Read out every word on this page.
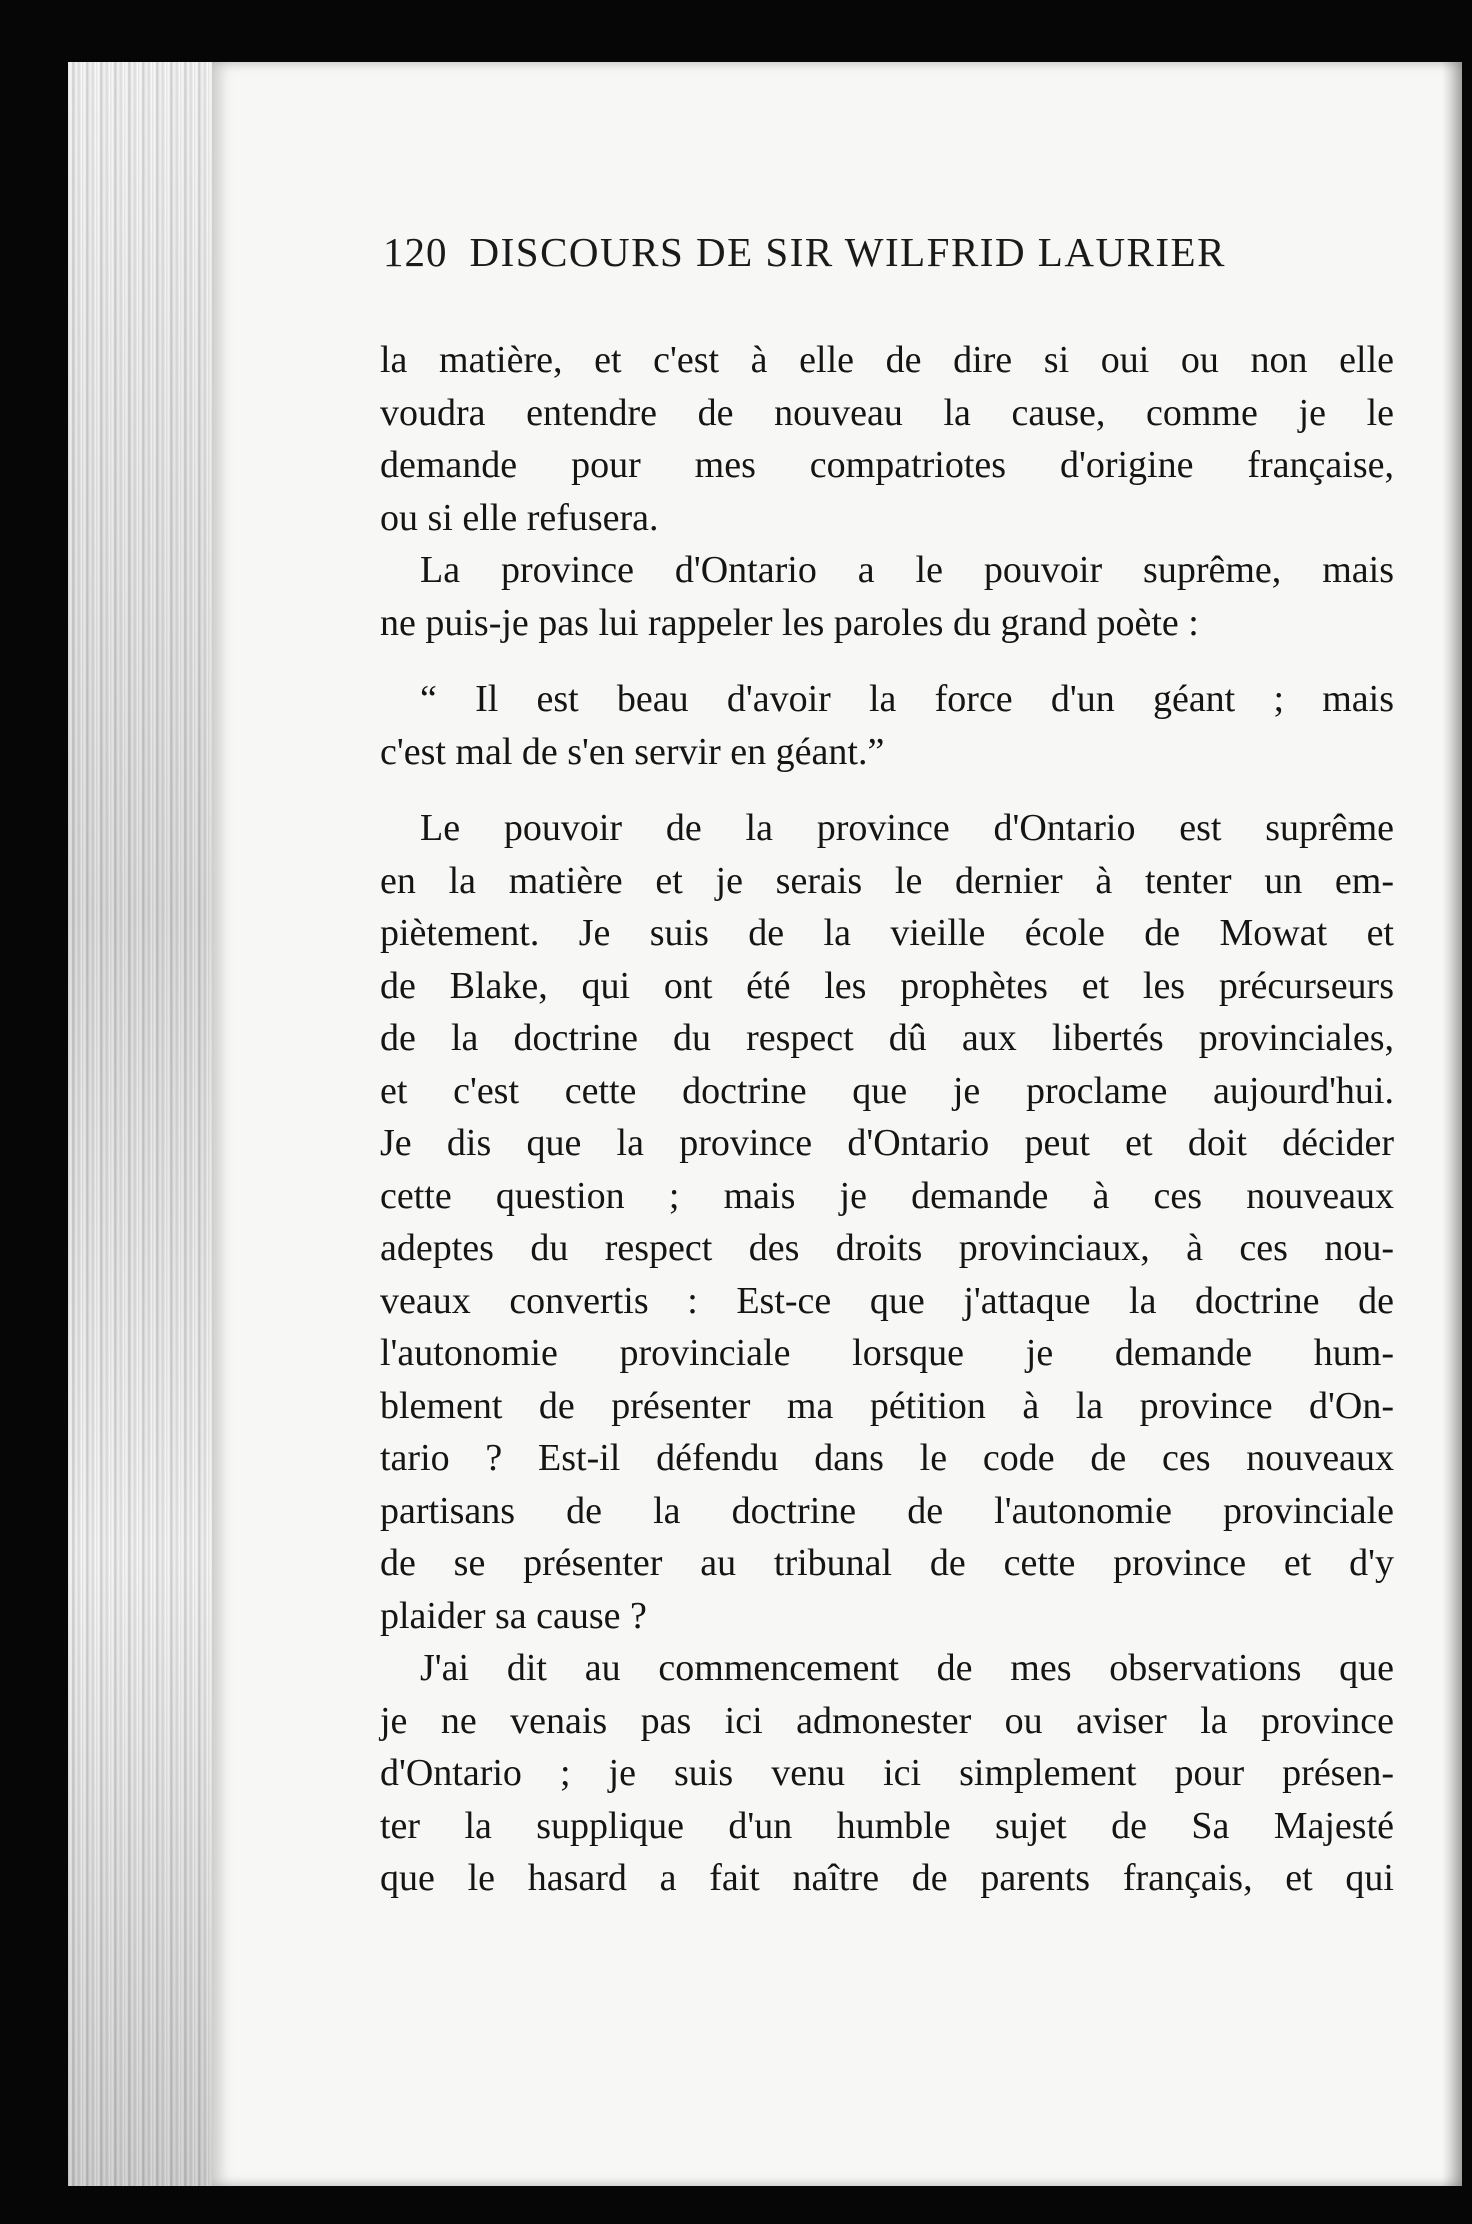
120 DISCOURS DE SIR WILFRID LAURIER
la matière, et c'est à elle de dire si oui ou non elle
voudra entendre de nouveau la cause, comme je le
demande pour mes compatriotes d'origine française,
ou si elle refusera.
La province d'Ontario a le pouvoir suprême, mais
ne puis-je pas lui rappeler les paroles du grand poète :
“ Il est beau d'avoir la force d'un géant ; mais
c'est mal de s'en servir en géant.”
Le pouvoir de la province d'Ontario est suprême
en la matière et je serais le dernier à tenter un em-
piètement. Je suis de la vieille école de Mowat et
de Blake, qui ont été les prophètes et les précurseurs
de la doctrine du respect dû aux libertés provinciales,
et c'est cette doctrine que je proclame aujourd'hui.
Je dis que la province d'Ontario peut et doit décider
cette question ; mais je demande à ces nouveaux
adeptes du respect des droits provinciaux, à ces nou-
veaux convertis : Est-ce que j'attaque la doctrine de
l'autonomie provinciale lorsque je demande hum-
blement de présenter ma pétition à la province d'On-
tario ? Est-il défendu dans le code de ces nouveaux
partisans de la doctrine de l'autonomie provinciale
de se présenter au tribunal de cette province et d'y
plaider sa cause ?
J'ai dit au commencement de mes observations que
je ne venais pas ici admonester ou aviser la province
d'Ontario ; je suis venu ici simplement pour présen-
ter la supplique d'un humble sujet de Sa Majesté
que le hasard a fait naître de parents français, et qui
